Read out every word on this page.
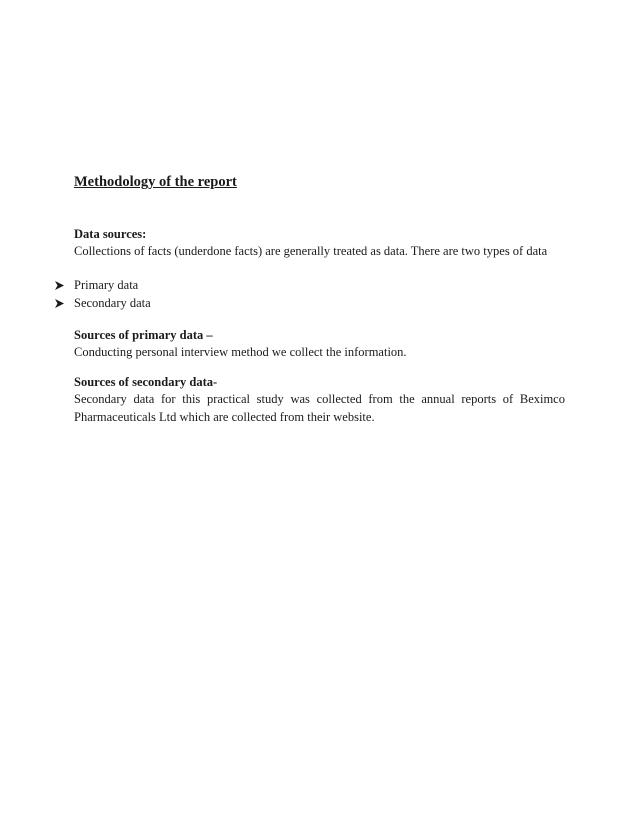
Methodology of the report
Data sources:
Collections of facts (underdone facts) are generally treated as data. There are two types of data
Primary data
Secondary data
Sources of primary data –
Conducting personal interview method we collect the information.
Sources of secondary data-
Secondary data for this practical study was collected from the annual reports of Beximco Pharmaceuticals Ltd which are collected from their website.
